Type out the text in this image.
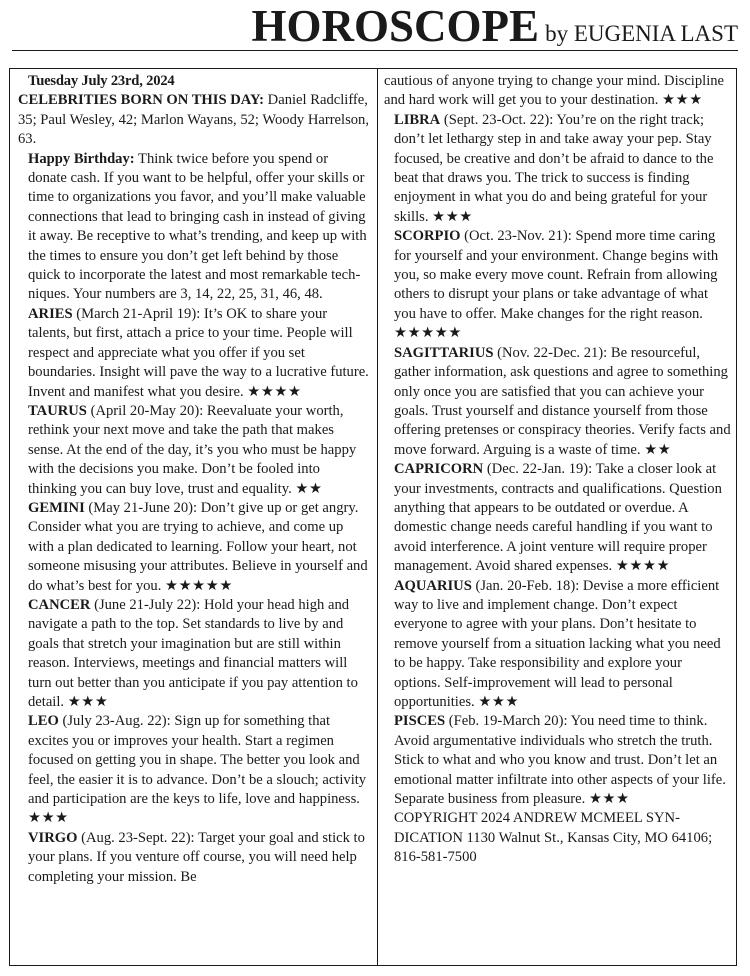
HOROSCOPE by EUGENIA LAST
Tuesday July 23rd, 2024

CELEBRITIES BORN ON THIS DAY: Daniel Radcliffe, 35; Paul Wesley, 42; Marlon Wayans, 52; Woody Harrelson, 63.

Happy Birthday: Think twice before you spend or donate cash. If you want to be helpful, offer your skills or time to organizations you favor, and you’ll make valuable connections that lead to bringing cash in instead of giving it away. Be receptive to what’s trending, and keep up with the times to ensure you don’t get left behind by those quick to incorporate the latest and most remarkable techniques. Your numbers are 3, 14, 22, 25, 31, 46, 48.

ARIES (March 21-April 19): It’s OK to share your talents, but first, attach a price to your time. People will respect and appreciate what you offer if you set boundaries. Insight will pave the way to a lucrative future. Invent and manifest what you desire. ★★★★

TAURUS (April 20-May 20): Reevaluate your worth, rethink your next move and take the path that makes sense. At the end of the day, it’s you who must be happy with the decisions you make. Don’t be fooled into thinking you can buy love, trust and equality. ★★

GEMINI (May 21-June 20): Don’t give up or get angry. Consider what you are trying to achieve, and come up with a plan dedicated to learning. Follow your heart, not someone misusing your attributes. Believe in yourself and do what’s best for you. ★★★★★

CANCER (June 21-July 22): Hold your head high and navigate a path to the top. Set standards to live by and goals that stretch your imagination but are still within reason. Interviews, meetings and financial matters will turn out better than you anticipate if you pay attention to detail. ★★★

LEO (July 23-Aug. 22): Sign up for something that excites you or improves your health. Start a regimen focused on getting you in shape. The better you look and feel, the easier it is to advance. Don’t be a slouch; activity and participation are the keys to life, love and happiness. ★★★

VIRGO (Aug. 23-Sept. 22): Target your goal and stick to your plans. If you venture off course, you will need help completing your mission. Be

cautious of anyone trying to change your mind. Discipline and hard work will get you to your destination. ★★★

LIBRA (Sept. 23-Oct. 22): You’re on the right track; don’t let lethargy step in and take away your pep. Stay focused, be creative and don’t be afraid to dance to the beat that draws you. The trick to success is finding enjoyment in what you do and being grateful for your skills. ★★★

SCORPIO (Oct. 23-Nov. 21): Spend more time caring for yourself and your environment. Change begins with you, so make every move count. Refrain from allowing others to disrupt your plans or take advantage of what you have to offer. Make changes for the right reason. ★★★★★

SAGITTARIUS (Nov. 22-Dec. 21): Be resourceful, gather information, ask questions and agree to something only once you are satisfied that you can achieve your goals. Trust yourself and distance yourself from those offering pretenses or conspiracy theories. Verify facts and move forward. Arguing is a waste of time. ★★

CAPRICORN (Dec. 22-Jan. 19): Take a closer look at your investments, contracts and qualifications. Question anything that appears to be outdated or overdue. A domestic change needs careful handling if you want to avoid interference. A joint venture will require proper management. Avoid shared expenses. ★★★★

AQUARIUS (Jan. 20-Feb. 18): Devise a more efficient way to live and implement change. Don’t expect everyone to agree with your plans. Don’t hesitate to remove yourself from a situation lacking what you need to be happy. Take responsibility and explore your options. Self-improvement will lead to personal opportunities. ★★★

PISCES (Feb. 19-March 20): You need time to think. Avoid argumentative individuals who stretch the truth. Stick to what and who you know and trust. Don’t let an emotional matter infiltrate into other aspects of your life. Separate business from pleasure. ★★★

COPYRIGHT 2024 ANDREW MCMEEL SYNDICATION 1130 Walnut St., Kansas City, MO 64106; 816-581-7500
